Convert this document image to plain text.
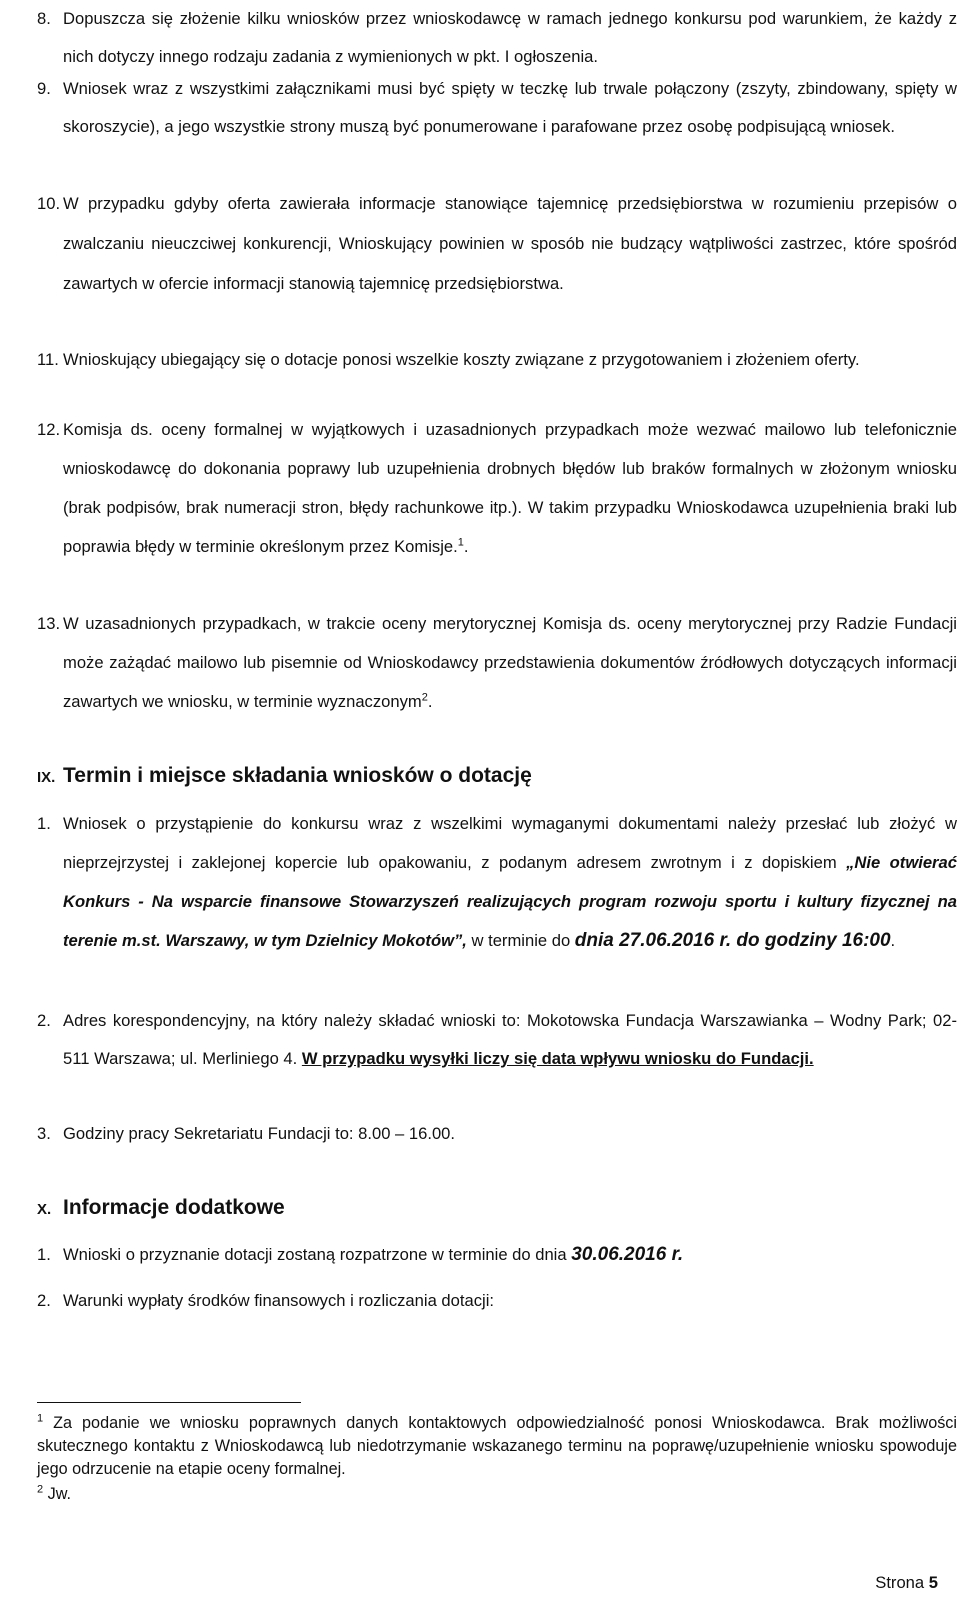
8. Dopuszcza się złożenie kilku wniosków przez wnioskodawcę w ramach jednego konkursu pod warunkiem, że każdy z nich dotyczy innego rodzaju zadania z wymienionych w pkt. I ogłoszenia.
9. Wniosek wraz z wszystkimi załącznikami musi być spięty w teczkę lub trwale połączony (zszyty, zbindowany, spięty w skoroszycie), a jego wszystkie strony muszą być ponumerowane i parafowane przez osobę podpisującą wniosek.
10. W przypadku gdyby oferta zawierała informacje stanowiące tajemnicę przedsiębiorstwa w rozumieniu przepisów o zwalczaniu nieuczciwej konkurencji, Wnioskujący powinien w sposób nie budzący wątpliwości zastrzec, które spośród zawartych w ofercie informacji stanowią tajemnicę przedsiębiorstwa.
11. Wnioskujący ubiegający się o dotacje ponosi wszelkie koszty związane z przygotowaniem i złożeniem oferty.
12. Komisja ds. oceny formalnej w wyjątkowych i uzasadnionych przypadkach może wezwać mailowo lub telefonicznie wnioskodawcę do dokonania poprawy lub uzupełnienia drobnych błędów lub braków formalnych w złożonym wniosku (brak podpisów, brak numeracji stron, błędy rachunkowe itp.). W takim przypadku Wnioskodawca uzupełnienia braki lub poprawia błędy w terminie określonym przez Komisje.$^1$.
13. W uzasadnionych przypadkach, w trakcie oceny merytorycznej Komisja ds. oceny merytorycznej przy Radzie Fundacji może zażądać mailowo lub pisemnie od Wnioskodawcy przedstawienia dokumentów źródłowych dotyczących informacji zawartych we wniosku, w terminie wyznaczonym$^2$.
IX. Termin i miejsce składania wniosków o dotację
1. Wniosek o przystąpienie do konkursu wraz z wszelkimi wymaganymi dokumentami należy przesłać lub złożyć w nieprzejrzystej i zaklejonej kopercie lub opakowaniu, z podanym adresem zwrotnym i z dopiskiem „Nie otwierać Konkurs - Na wsparcie finansowe Stowarzyszeń realizujących program rozwoju sportu i kultury fizycznej na terenie m.st. Warszawy, w tym Dzielnicy Mokotów”, w terminie do dnia 27.06.2016 r. do godziny 16:00.
2. Adres korespondencyjny, na który należy składać wnioski to: Mokotowska Fundacja Warszawianka – Wodny Park; 02-511 Warszawa; ul. Merliniego 4. W przypadku wysyłki liczy się data wpływu wniosku do Fundacji.
3. Godziny pracy Sekretariatu Fundacji to: 8.00 – 16.00.
X. Informacje dodatkowe
1. Wnioski o przyznanie dotacji zostaną rozpatrzone w terminie do dnia 30.06.2016 r.
2. Warunki wypłaty środków finansowych i rozliczania dotacji:
$^1$ Za podanie we wniosku poprawnych danych kontaktowych odpowiedzialność ponosi Wnioskodawca. Brak możliwości skutecznego kontaktu z Wnioskodawcą lub niedotrzymanie wskazanego terminu na poprawę/uzupełnienie wniosku spowoduje jego odrzucenie na etapie oceny formalnej.
$^2$ Jw.
Strona 5
